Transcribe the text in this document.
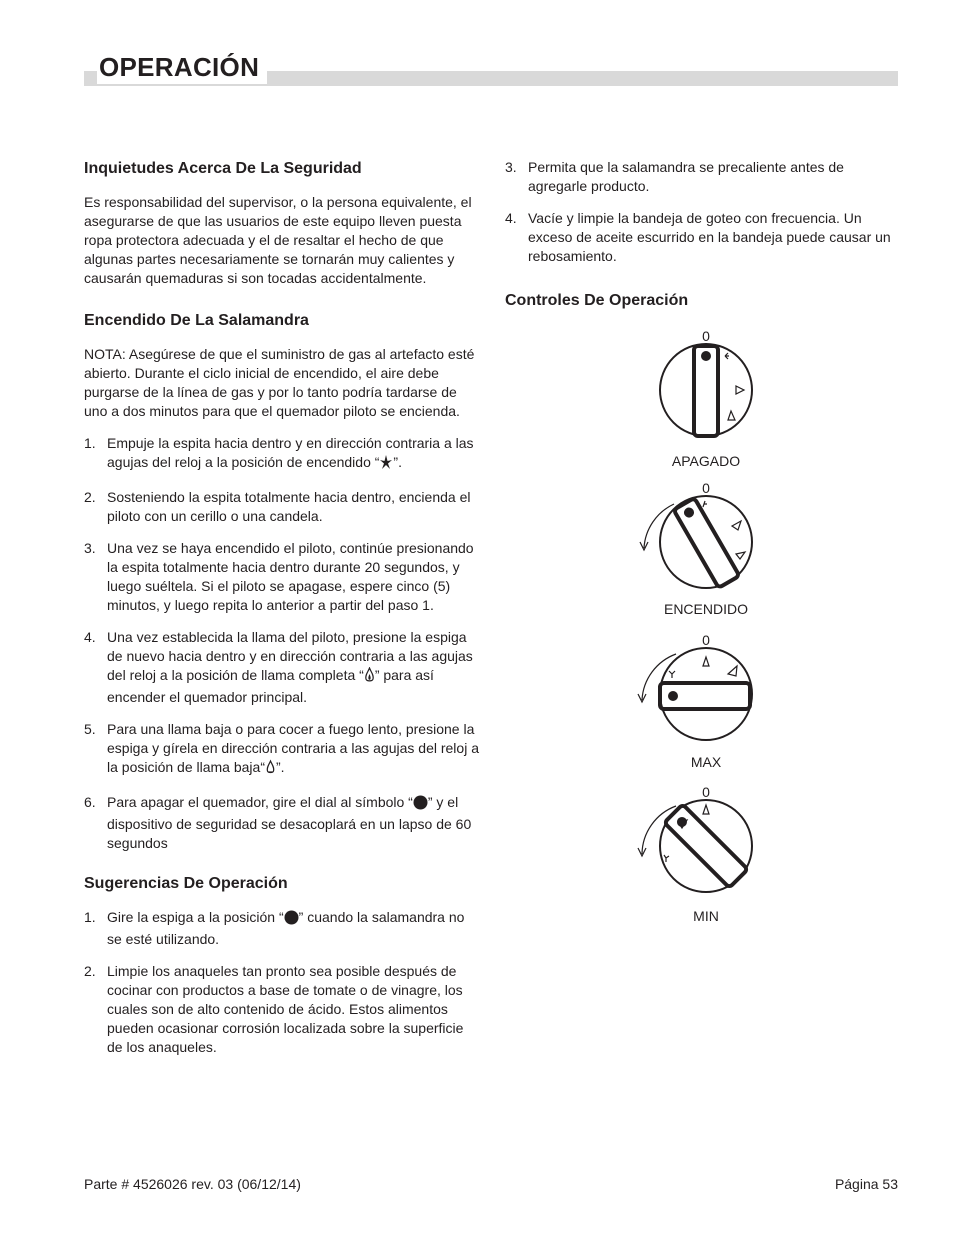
OPERACIÓN
Inquietudes Acerca De La Seguridad

Es responsabilidad del supervisor, o la persona equivalente, el asegurarse de que las usuarios de este equipo lleven puesta ropa protectora adecuada y el de resaltar el hecho de que algunas partes necesariamente se tornarán muy calientes y causarán quemaduras si son tocadas accidentalmente.

Encendido De La Salamandra

NOTA: Asegúrese de que el suministro de gas al artefacto esté abierto. Durante el ciclo inicial de encendido, el aire debe purgarse de la línea de gas y por lo tanto podría tardarse de uno a dos minutos para que el quemador piloto se encienda.

1. Empuje la espita hacia dentro y en dirección contraria a las agujas del reloj a la posición de encendido “ ”.
2. Sosteniendo la espita totalmente hacia dentro, encienda el piloto con un cerillo o una candela.
3. Una vez se haya encendido el piloto, continúe presionando la espita totalmente hacia dentro durante 20 segundos, y luego suéltela. Si el piloto se apagase, espere cinco (5) minutos, y luego repita lo anterior a partir del paso 1.
4. Una vez establecida la llama del piloto, presione la espiga de nuevo hacia dentro y en dirección contraria a las agujas del reloj a la posición de llama completa “ ” para así encender el quemador principal.
5. Para una llama baja o para cocer a fuego lento, presione la espiga y gírela en dirección contraria a las agujas del reloj a la posición de llama baja“ ”.
6. Para apagar el quemador, gire el dial al símbolo “ ” y el dispositivo de seguridad se desacoplará en un lapso de 60 segundos
Sugerencias De Operación
1. Gire la espiga a la posición “ ” cuando la salamandra no se esté utilizando.
2. Limpie los anaqueles tan pronto sea posible después de cocinar con productos a base de tomate o de vinagre, los cuales son de alto contenido de ácido. Estos alimentos pueden ocasionar corrosión localizada sobre la superficie de los anaqueles.
3. Permita que la salamandra se precaliente antes de agregarle producto.
4. Vacíe y limpie la bandeja de goteo con frecuencia. Un exceso de aceite escurrido en la bandeja puede causar un rebosamiento.
Controles De Operación
0
APAGADO
0
ENCENDIDO
0
MAX
0
MIN
Parte # 4526026 rev. 03 (06/12/14)	Página 53
